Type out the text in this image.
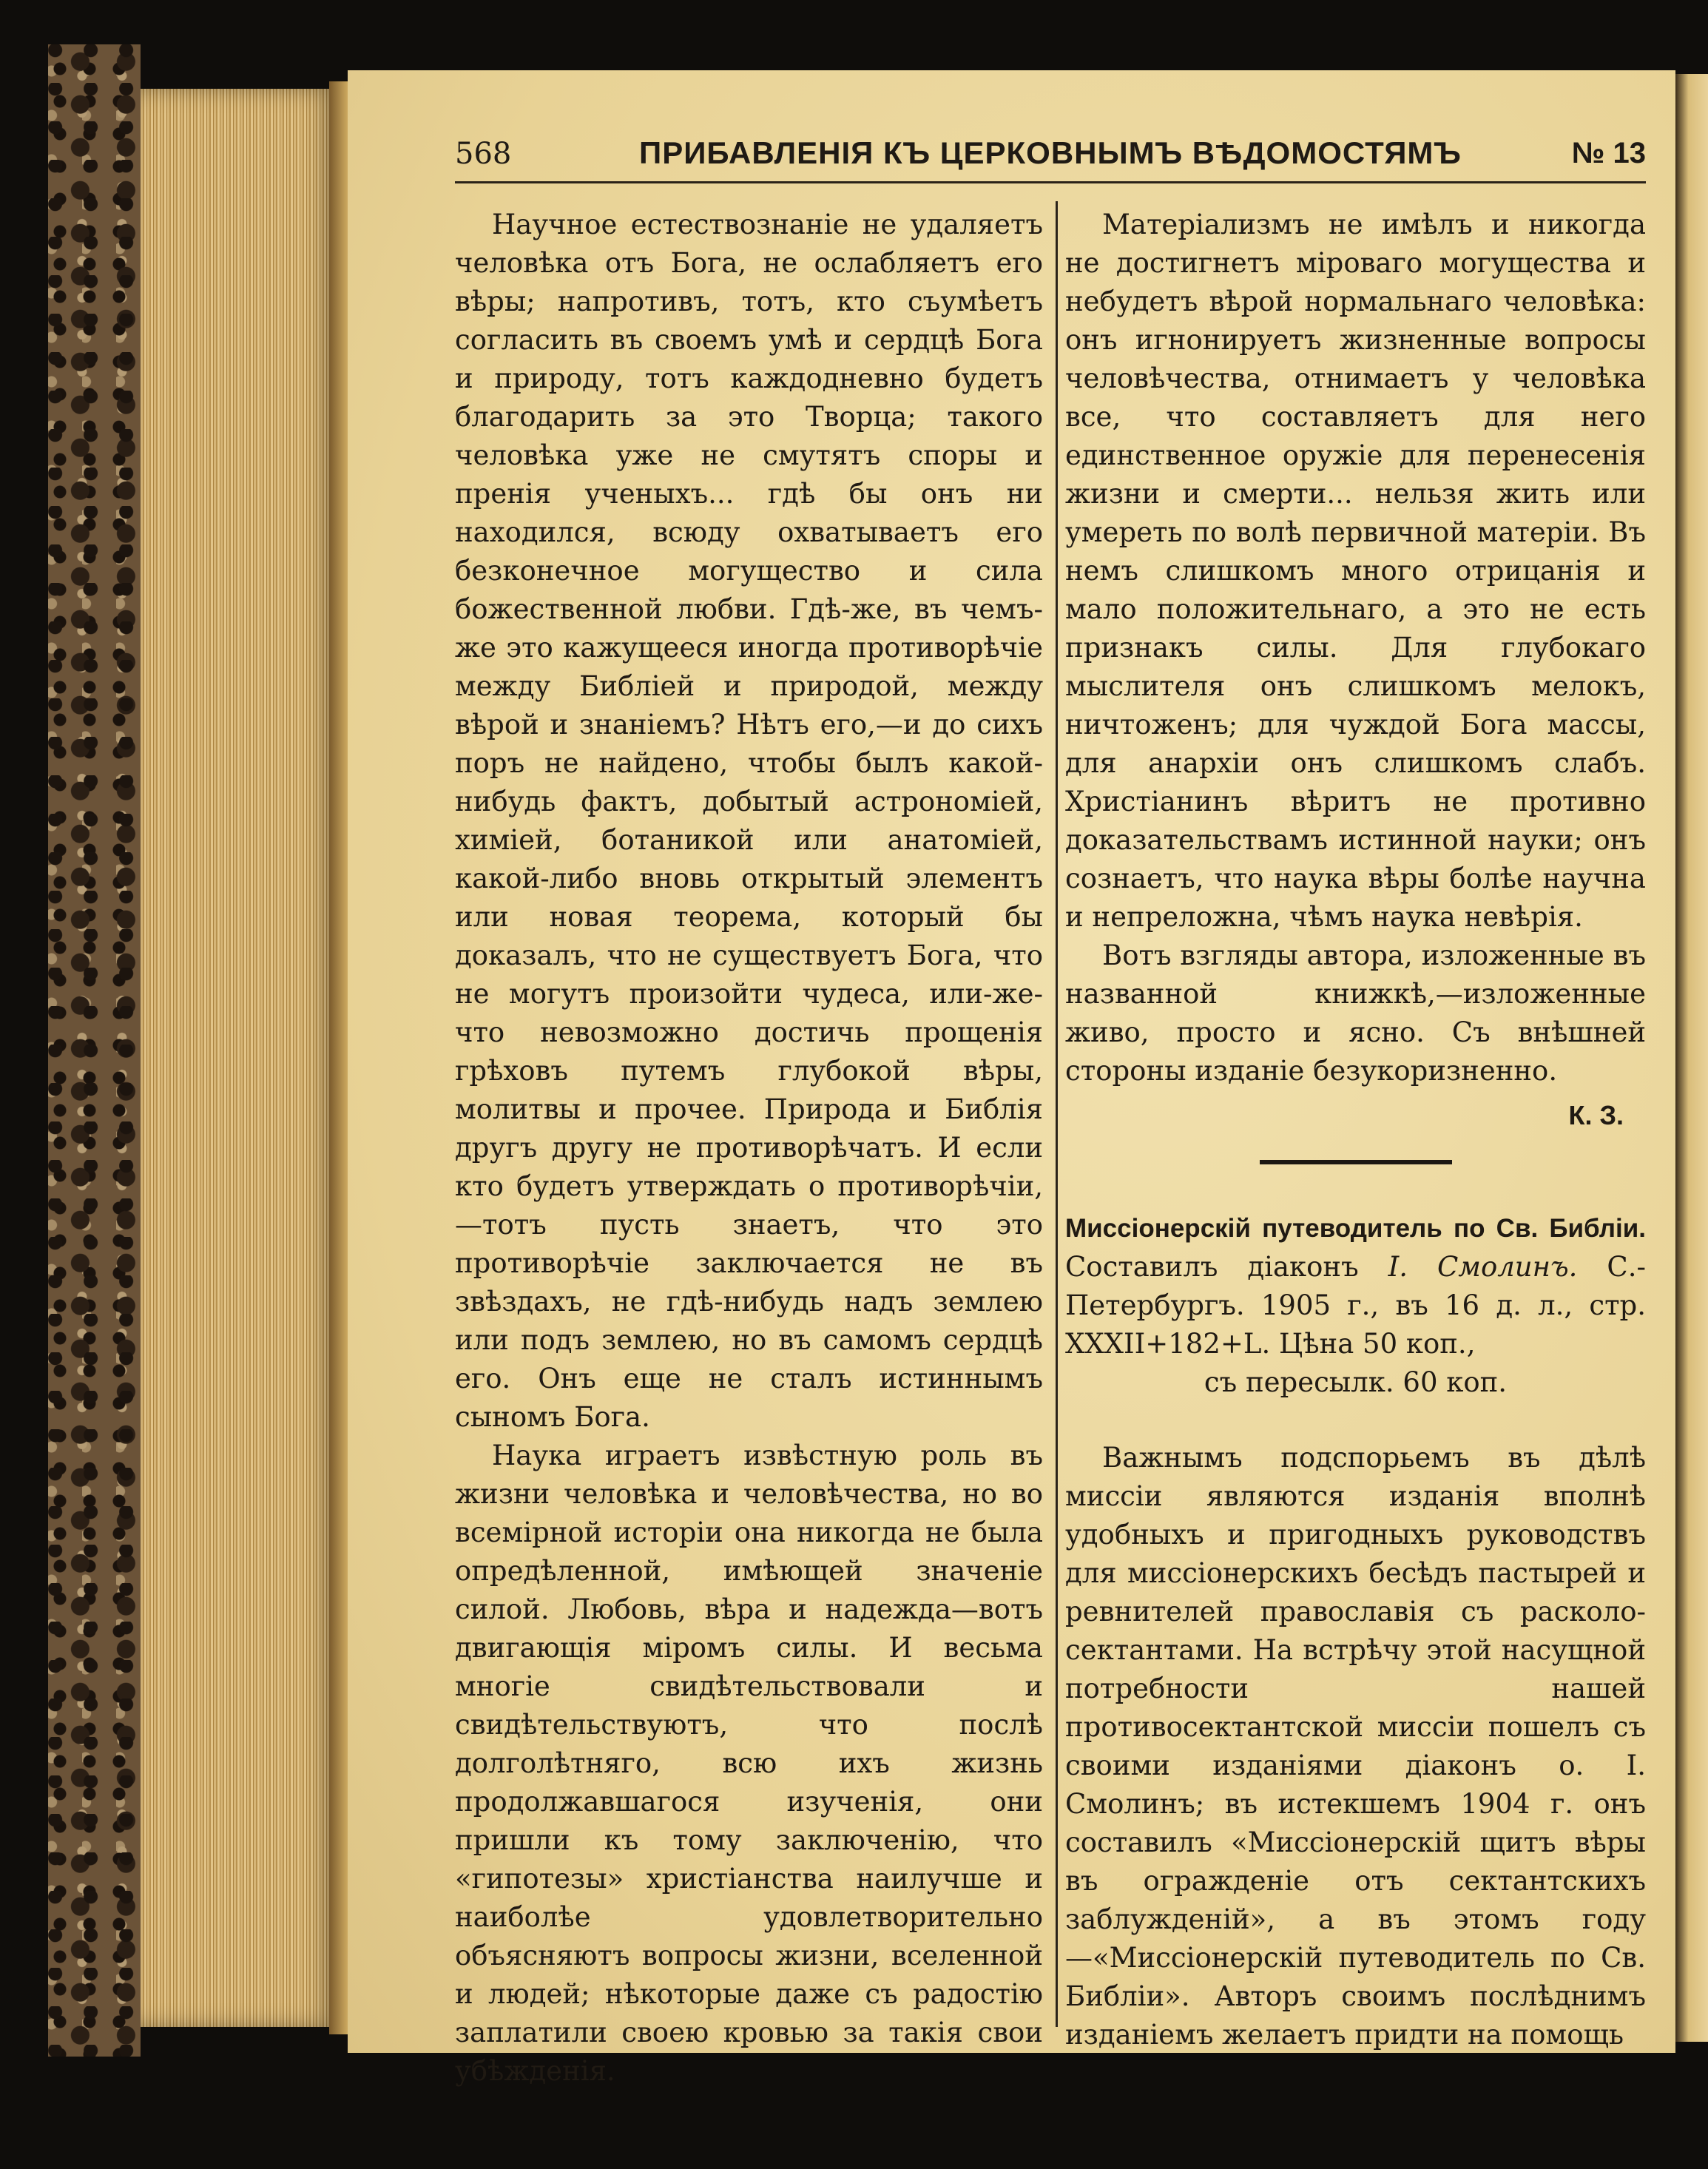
568	ПРИБАВЛЕНІЯ КЪ ЦЕРКОВНЫМЪ ВѢДОМОСТЯМЪ	№ 13

Научное естествознаніе не удаляетъ человѣка отъ Бога, не ослабляетъ его вѣры; напротивъ, тотъ, кто съумѣетъ согласить въ своемъ умѣ и сердцѣ Бога и природу, тотъ каждодневно будетъ благодарить за это Творца; такого человѣка уже не смутятъ споры и пренія ученыхъ... гдѣ бы онъ ни находился, всюду охватываетъ его безконечное могущество и сила божественной любви. Гдѣ-же, въ чемъ-же это кажущееся иногда противорѣчіе между Библіей и природой, между вѣрой и знаніемъ? Нѣтъ его,—и до сихъ поръ не найдено, чтобы былъ какой-нибудь фактъ, добытый астрономіей, химіей, ботаникой или анатоміей, какой-либо вновь открытый элементъ или новая теорема, который бы доказалъ, что не существуетъ Бога, что не могутъ произойти чудеса, или-же-что невозможно достичь прощенія грѣховъ путемъ глубокой вѣры, молитвы и прочее. Природа и Библія другъ другу не противорѣчатъ. И если кто будетъ утверждать о противорѣчіи,—тотъ пусть знаетъ, что это противорѣчіе заключается не въ звѣздахъ, не гдѣ-нибудь надъ землею или подъ землею, но въ самомъ сердцѣ его. Онъ еще не сталъ истиннымъ сыномъ Бога.

Наука играетъ извѣстную роль въ жизни человѣка и человѣчества, но во всемірной исторіи она никогда не была опредѣленной, имѣющей значеніе силой. Любовь, вѣра и надежда—вотъ двигающія міромъ силы. И весьма многіе свидѣтельствовали и свидѣтельствуютъ, что послѣ долголѣтняго, всю ихъ жизнь продолжавшагося изученія, они пришли къ тому заключенію, что «гипотезы» христіанства наилучше и наиболѣе удовлетворительно объясняютъ вопросы жизни, вселенной и людей; нѣкоторые даже съ радостію заплатили своею кровью за такія свои убѣжденія.

Матеріализмъ не имѣлъ и никогда не достигнетъ міроваго могущества и небудетъ вѣрой нормальнаго человѣка: онъ игнонируетъ жизненные вопросы человѣчества, отнимаетъ у человѣка все, что составляетъ для него единственное оружіе для перенесенія жизни и смерти... нельзя жить или умереть по волѣ первичной матеріи. Въ немъ слишкомъ много отрицанія и мало положительнаго, а это не есть признакъ силы. Для глубокаго мыслителя онъ слишкомъ мелокъ, ничтоженъ; для чуждой Бога массы, для анархіи онъ слишкомъ слабъ. Христіанинъ вѣритъ не противно доказательствамъ истинной науки; онъ сознаетъ, что наука вѣры болѣе научна и непреложна, чѣмъ наука невѣрія.

Вотъ взгляды автора, изложенные въ названной книжкѣ,—изложенные живо, просто и ясно. Съ внѣшней стороны изданіе безукоризненно.

К. З.

Миссіонерскій путеводитель по Св. Библіи. Составилъ діаконъ І. Смолинъ. С.-Петербургъ. 1905 г., въ 16 д. л., стр. XXXII+182+L. Цѣна 50 коп.,
съ пересылк. 60 коп.

Важнымъ подспорьемъ въ дѣлѣ миссіи являются изданія вполнѣ удобныхъ и пригодныхъ руководствъ для миссіонерскихъ бесѣдъ пастырей и ревнителей православія съ расколо-сектантами. На встрѣчу этой насущной потребности нашей противосектантской миссіи пошелъ съ своими изданіями діаконъ о. І. Смолинъ; въ истекшемъ 1904 г. онъ составилъ «Миссіонерскій щитъ вѣры въ огражденіе отъ сектантскихъ заблужденій», а въ этомъ году—«Миссіонерскій путеводитель по Св. Библіи». Авторъ своимъ послѣднимъ изданіемъ желаетъ придти на помощь
